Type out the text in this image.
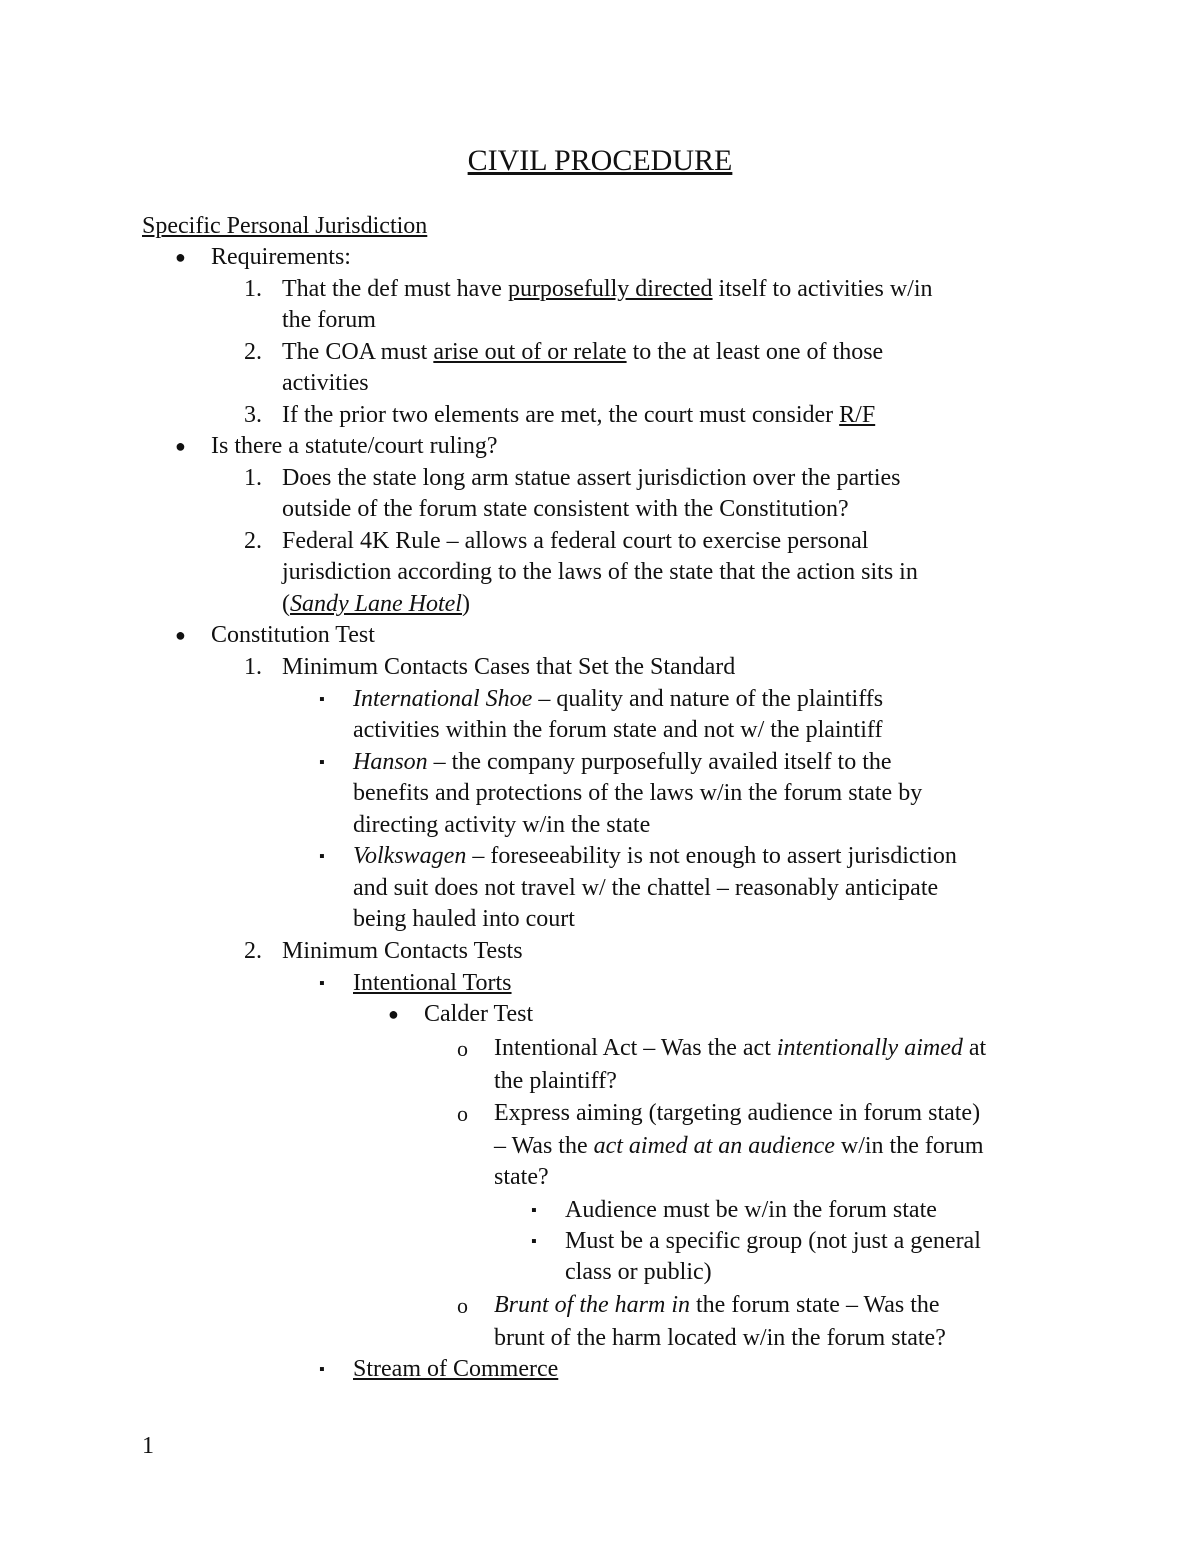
CIVIL PROCEDURE
Specific Personal Jurisdiction
● Requirements:
1. That the def must have purposefully directed itself to activities w/in
the forum
2. The COA must arise out of or relate to the at least one of those
activities
3. If the prior two elements are met, the court must consider R/F
● Is there a statute/court ruling?
1. Does the state long arm statue assert jurisdiction over the parties
outside of the forum state consistent with the Constitution?
2. Federal 4K Rule – allows a federal court to exercise personal
jurisdiction according to the laws of the state that the action sits in
(Sandy Lane Hotel)
● Constitution Test
1. Minimum Contacts Cases that Set the Standard
▪ International Shoe – quality and nature of the plaintiffs
activities within the forum state and not w/ the plaintiff
▪ Hanson – the company purposefully availed itself to the
benefits and protections of the laws w/in the forum state by
directing activity w/in the state
▪ Volkswagen – foreseeability is not enough to assert jurisdiction
and suit does not travel w/ the chattel – reasonably anticipate
being hauled into court
2. Minimum Contacts Tests
▪ Intentional Torts
● Calder Test
o Intentional Act – Was the act intentionally aimed at
the plaintiff?
o Express aiming (targeting audience in forum state)
– Was the act aimed at an audience w/in the forum
state?
▪ Audience must be w/in the forum state
▪ Must be a specific group (not just a general
class or public)
o Brunt of the harm in the forum state – Was the
brunt of the harm located w/in the forum state?
▪ Stream of Commerce
1
